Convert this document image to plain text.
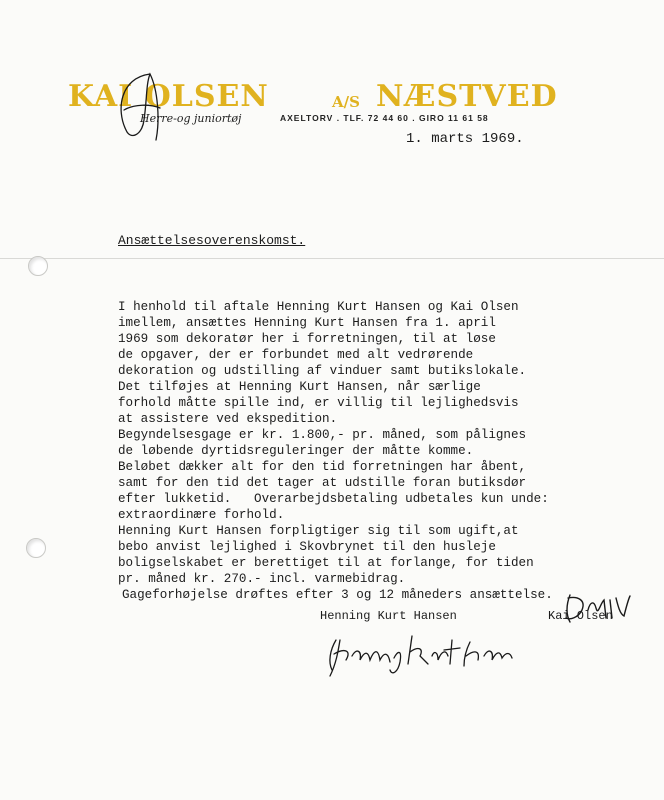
KAI OLSEN	A/S NÆSTVED
Herre-og juniortøj	AXELTORV . TLF. 72 44 60 . GIRO 11 61 58
1. marts 1969.
Ansættelsesoverenskomst.
I henhold til aftale Henning Kurt Hansen og Kai Olsen
imellem, ansættes Henning Kurt Hansen fra 1. april
1969 som dekoratør her i forretningen, til at løse
de opgaver, der er forbundet med alt vedrørende
dekoration og udstilling af vinduer samt butikslokale.
Det tilføjes at Henning Kurt Hansen, når særlige
forhold måtte spille ind, er villig til lejlighedsvis
at assistere ved ekspedition.
Begyndelsesgage er kr. 1.800,- pr. måned, som pålignes
de løbende dyrtidsreguleringer der måtte komme.
Beløbet dækker alt for den tid forretningen har åbent,
samt for den tid det tager at udstille foran butiksdør
efter lukketid.   Overarbejdsbetaling udbetales kun unde:
extraordinære forhold.
Henning Kurt Hansen forpligtiger sig til som ugift,at
bebo anvist lejlighed i Skovbrynet til den husleje
boligselskabet er berettiget til at forlange, for tiden
pr. måned kr. 270.- incl. varmebidrag.
Gageforhøjelse drøftes efter 3 og 12 måneders ansættelse.
Henning Kurt Hansen	Kai Olsen
